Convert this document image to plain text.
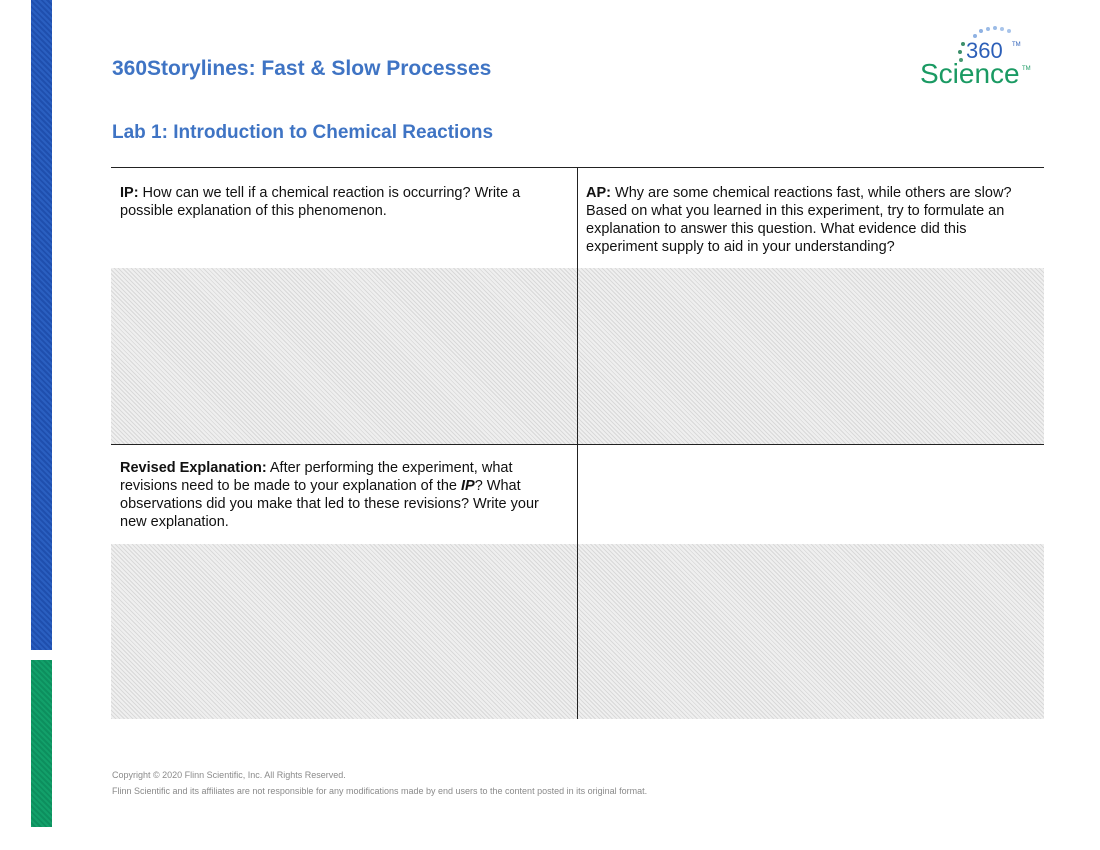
360Storylines: Fast & Slow Processes
Lab 1: Introduction to Chemical Reactions
360 TM
Science TM
IP: How can we tell if a chemical reaction is occurring? Write a possible explanation of this phenomenon.
AP: Why are some chemical reactions fast, while others are slow? Based on what you learned in this experiment, try to formulate an explanation to answer this question. What evidence did this experiment supply to aid in your understanding?
Revised Explanation: After performing the experiment, what revisions need to be made to your explanation of the IP? What observations did you make that led to these revisions? Write your new explanation.
Copyright © 2020 Flinn Scientific, Inc. All Rights Reserved.
Flinn Scientific and its affiliates are not responsible for any modifications made by end users to the content posted in its original format.
